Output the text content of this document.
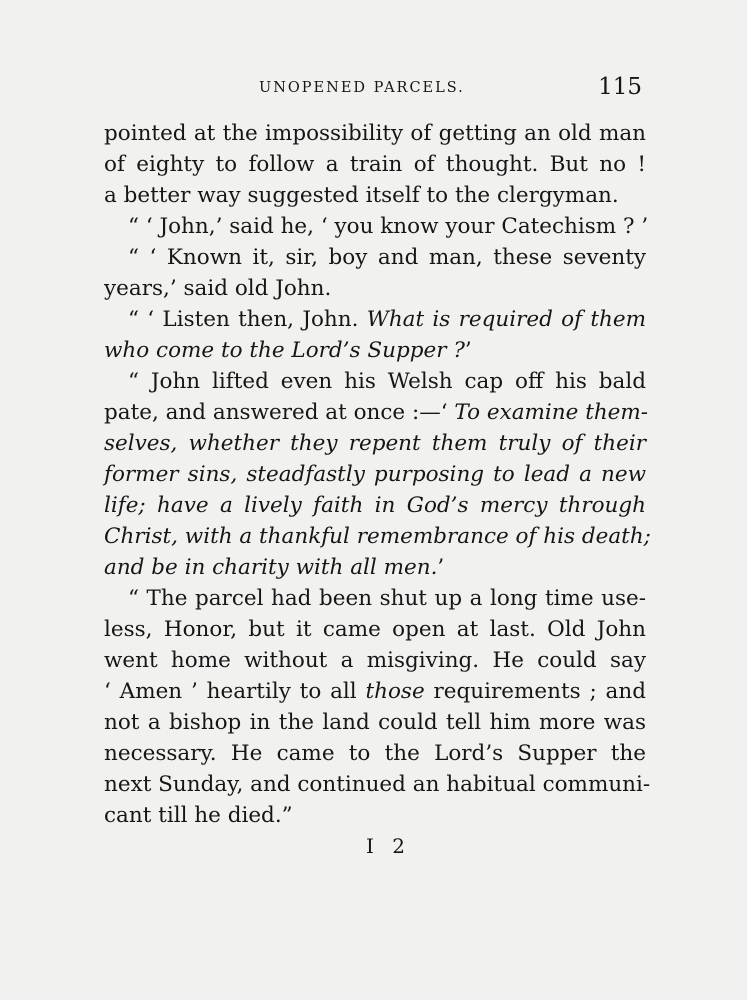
UNOPENED PARCELS.	115
pointed at the impossibility of getting an old man
of eighty to follow a train of thought. But no !
a better way suggested itself to the clergyman.
“ ‘ John,’ said he, ‘ you know your Catechism ? ’
“ ‘ Known it, sir, boy and man, these seventy
years,’ said old John.
“ ‘ Listen then, John. What is required of them
who come to the Lord’s Supper ?’
“ John lifted even his Welsh cap off his bald
pate, and answered at once :—‘ To examine them-
selves, whether they repent them truly of their
former sins, steadfastly purposing to lead a new
life; have a lively faith in God’s mercy through
Christ, with a thankful remembrance of his death;
and be in charity with all men.’
“ The parcel had been shut up a long time use-
less, Honor, but it came open at last. Old John
went home without a misgiving. He could say
‘ Amen ’ heartily to all those requirements ; and
not a bishop in the land could tell him more was
necessary. He came to the Lord’s Supper the
next Sunday, and continued an habitual communi-
cant till he died.”
I 2
